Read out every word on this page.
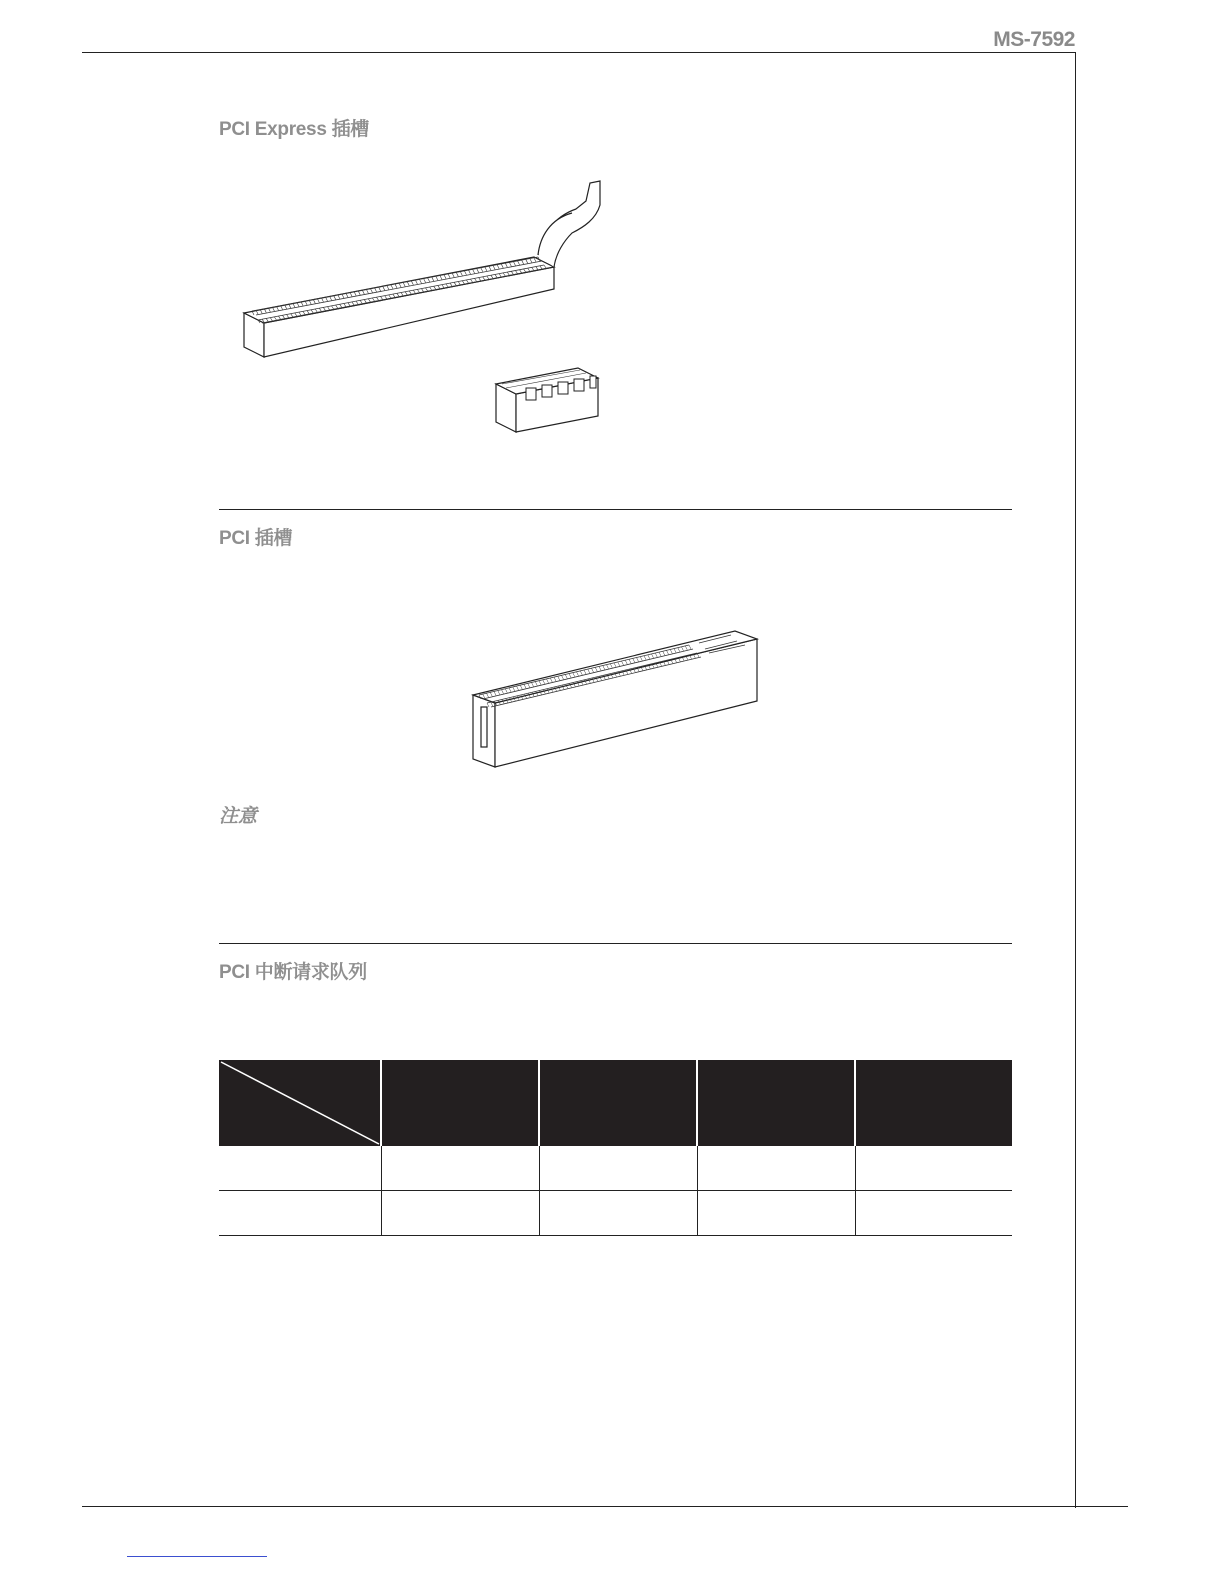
MS-7592
PCI Express 插槽
PCI 插槽
注意
PCI 中断请求队列
